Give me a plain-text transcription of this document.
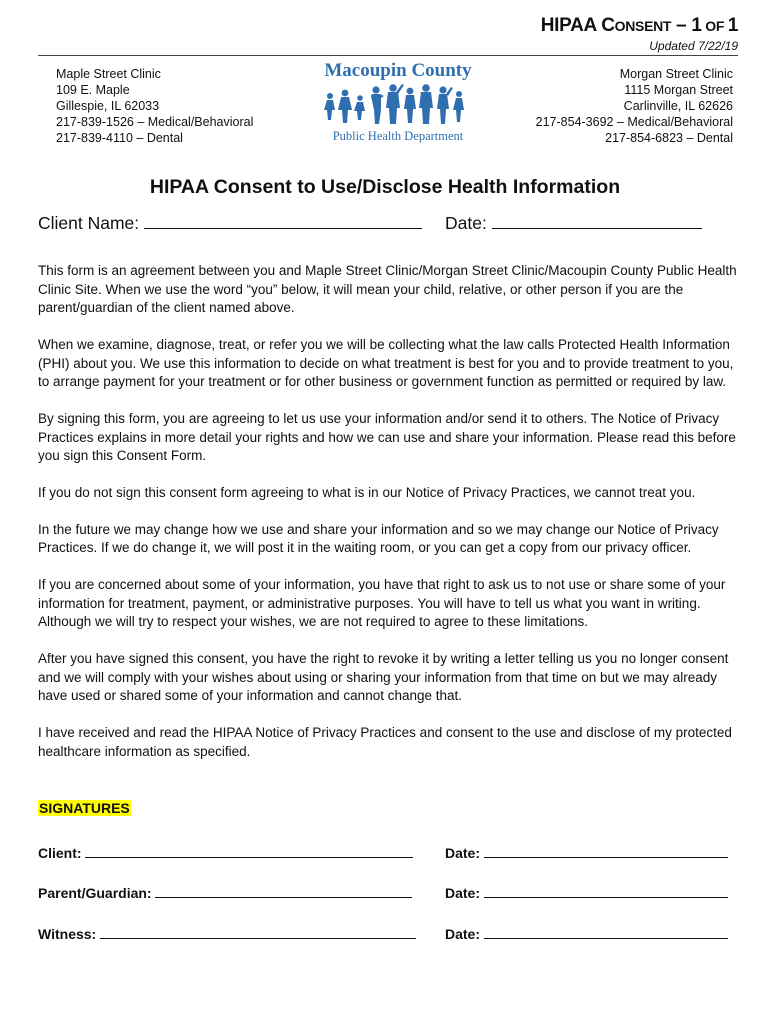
HIPAA CONSENT – 1 OF 1
Updated 7/22/19
Maple Street Clinic
109 E. Maple
Gillespie, IL 62033
217-839-1526 – Medical/Behavioral
217-839-4110 – Dental
Macoupin County
Public Health Department
Morgan Street Clinic
1115 Morgan Street
Carlinville, IL 62626
217-854-3692 – Medical/Behavioral
217-854-6823 – Dental
HIPAA Consent to Use/Disclose Health Information
Client Name:	Date:

This form is an agreement between you and Maple Street Clinic/Morgan Street Clinic/Macoupin County Public Health Clinic Site. When we use the word “you” below, it will mean your child, relative, or other person if you are the parent/guardian of the client named above.

When we examine, diagnose, treat, or refer you we will be collecting what the law calls Protected Health Information (PHI) about you. We use this information to decide on what treatment is best for you and to provide treatment to you, to arrange payment for your treatment or for other business or government function as permitted or required by law.

By signing this form, you are agreeing to let us use your information and/or send it to others. The Notice of Privacy Practices explains in more detail your rights and how we can use and share your information. Please read this before you sign this Consent Form.

If you do not sign this consent form agreeing to what is in our Notice of Privacy Practices, we cannot treat you.

In the future we may change how we use and share your information and so we may change our Notice of Privacy Practices. If we do change it, we will post it in the waiting room, or you can get a copy from our privacy officer.

If you are concerned about some of your information, you have that right to ask us to not use or share some of your information for treatment, payment, or administrative purposes. You will have to tell us what you want in writing. Although we will try to respect your wishes, we are not required to agree to these limitations.

After you have signed this consent, you have the right to revoke it by writing a letter telling us you no longer consent and we will comply with your wishes about using or sharing your information from that time on but we may already have used or shared some of your information and cannot change that.

I have received and read the HIPAA Notice of Privacy Practices and consent to the use and disclose of my protected healthcare information as specified.

SIGNATURES
Client:	Date:
Parent/Guardian:	Date:
Witness:	Date:
